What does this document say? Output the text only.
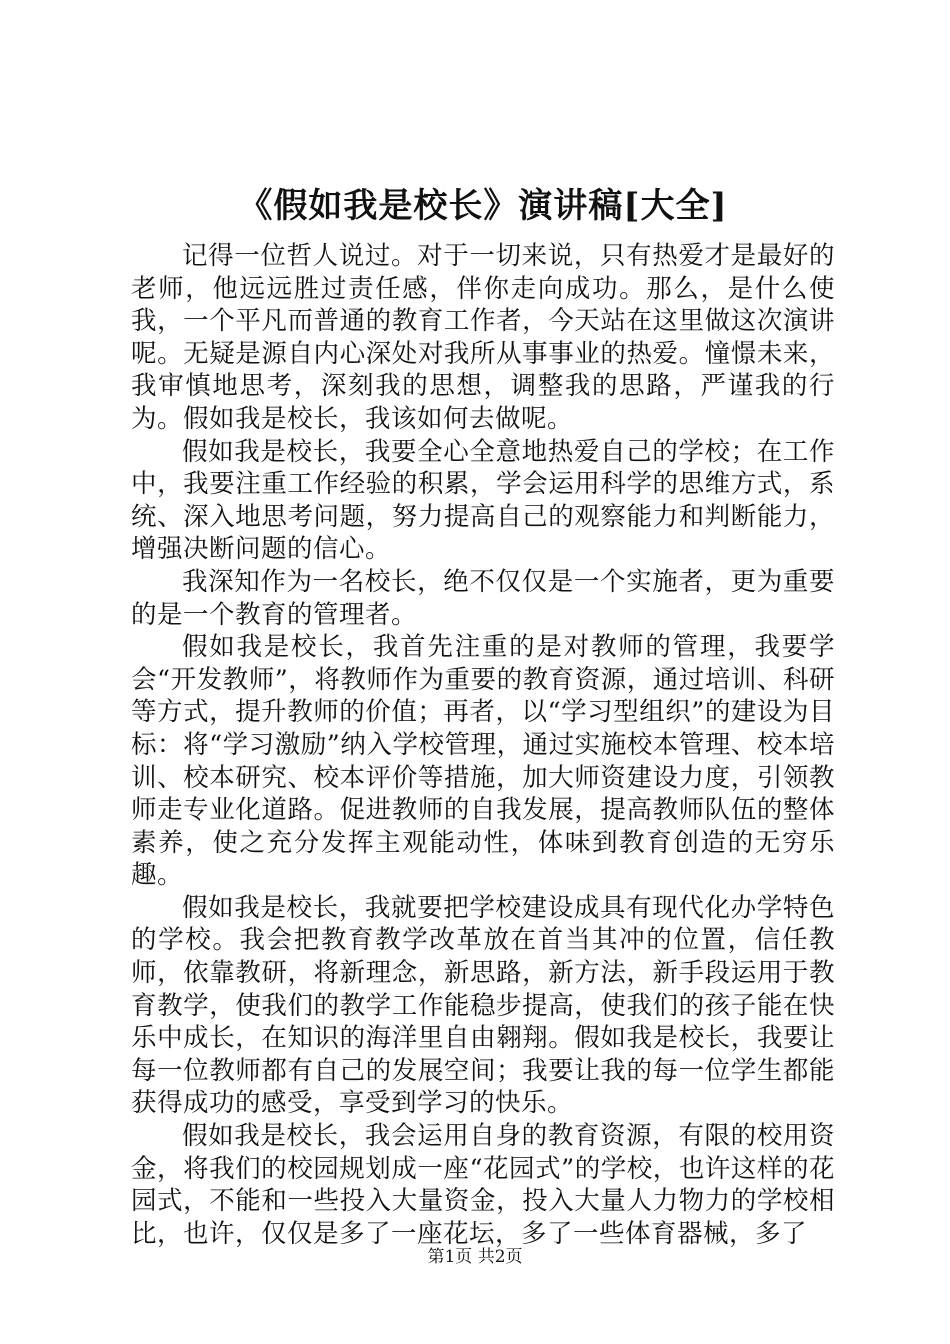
《假如我是校长》演讲稿[大全]

记得一位哲人说过。对于一切来说，只有热爱才是最好的老师，他远远胜过责任感，伴你走向成功。那么，是什么使我，一个平凡而普通的教育工作者，今天站在这里做这次演讲呢。无疑是源自内心深处对我所从事事业的热爱。憧憬未来，我审慎地思考，深刻我的思想，调整我的思路，严谨我的行为。假如我是校长，我该如何去做呢。

假如我是校长，我要全心全意地热爱自己的学校；在工作中，我要注重工作经验的积累，学会运用科学的思维方式，系统、深入地思考问题，努力提高自己的观察能力和判断能力，增强决断问题的信心。

我深知作为一名校长，绝不仅仅是一个实施者，更为重要的是一个教育的管理者。

假如我是校长，我首先注重的是对教师的管理，我要学会“开发教师”，将教师作为重要的教育资源，通过培训、科研等方式，提升教师的价值；再者，以“学习型组织”的建设为目标：将“学习激励”纳入学校管理，通过实施校本管理、校本培训、校本研究、校本评价等措施，加大师资建设力度，引领教师走专业化道路。促进教师的自我发展，提高教师队伍的整体素养，使之充分发挥主观能动性，体味到教育创造的无穷乐趣。

假如我是校长，我就要把学校建设成具有现代化办学特色的学校。我会把教育教学改革放在首当其冲的位置，信任教师，依靠教研，将新理念，新思路，新方法，新手段运用于教育教学，使我们的教学工作能稳步提高，使我们的孩子能在快乐中成长，在知识的海洋里自由翱翔。假如我是校长，我要让每一位教师都有自己的发展空间；我要让我的每一位学生都能获得成功的感受，享受到学习的快乐。

假如我是校长，我会运用自身的教育资源，有限的校用资金，将我们的校园规划成一座“花园式”的学校，也许这样的花园式，不能和一些投入大量资金，投入大量人力物力的学校相比，也许，仅仅是多了一座花坛，多了一些体育器械，多了

第1页 共2页
